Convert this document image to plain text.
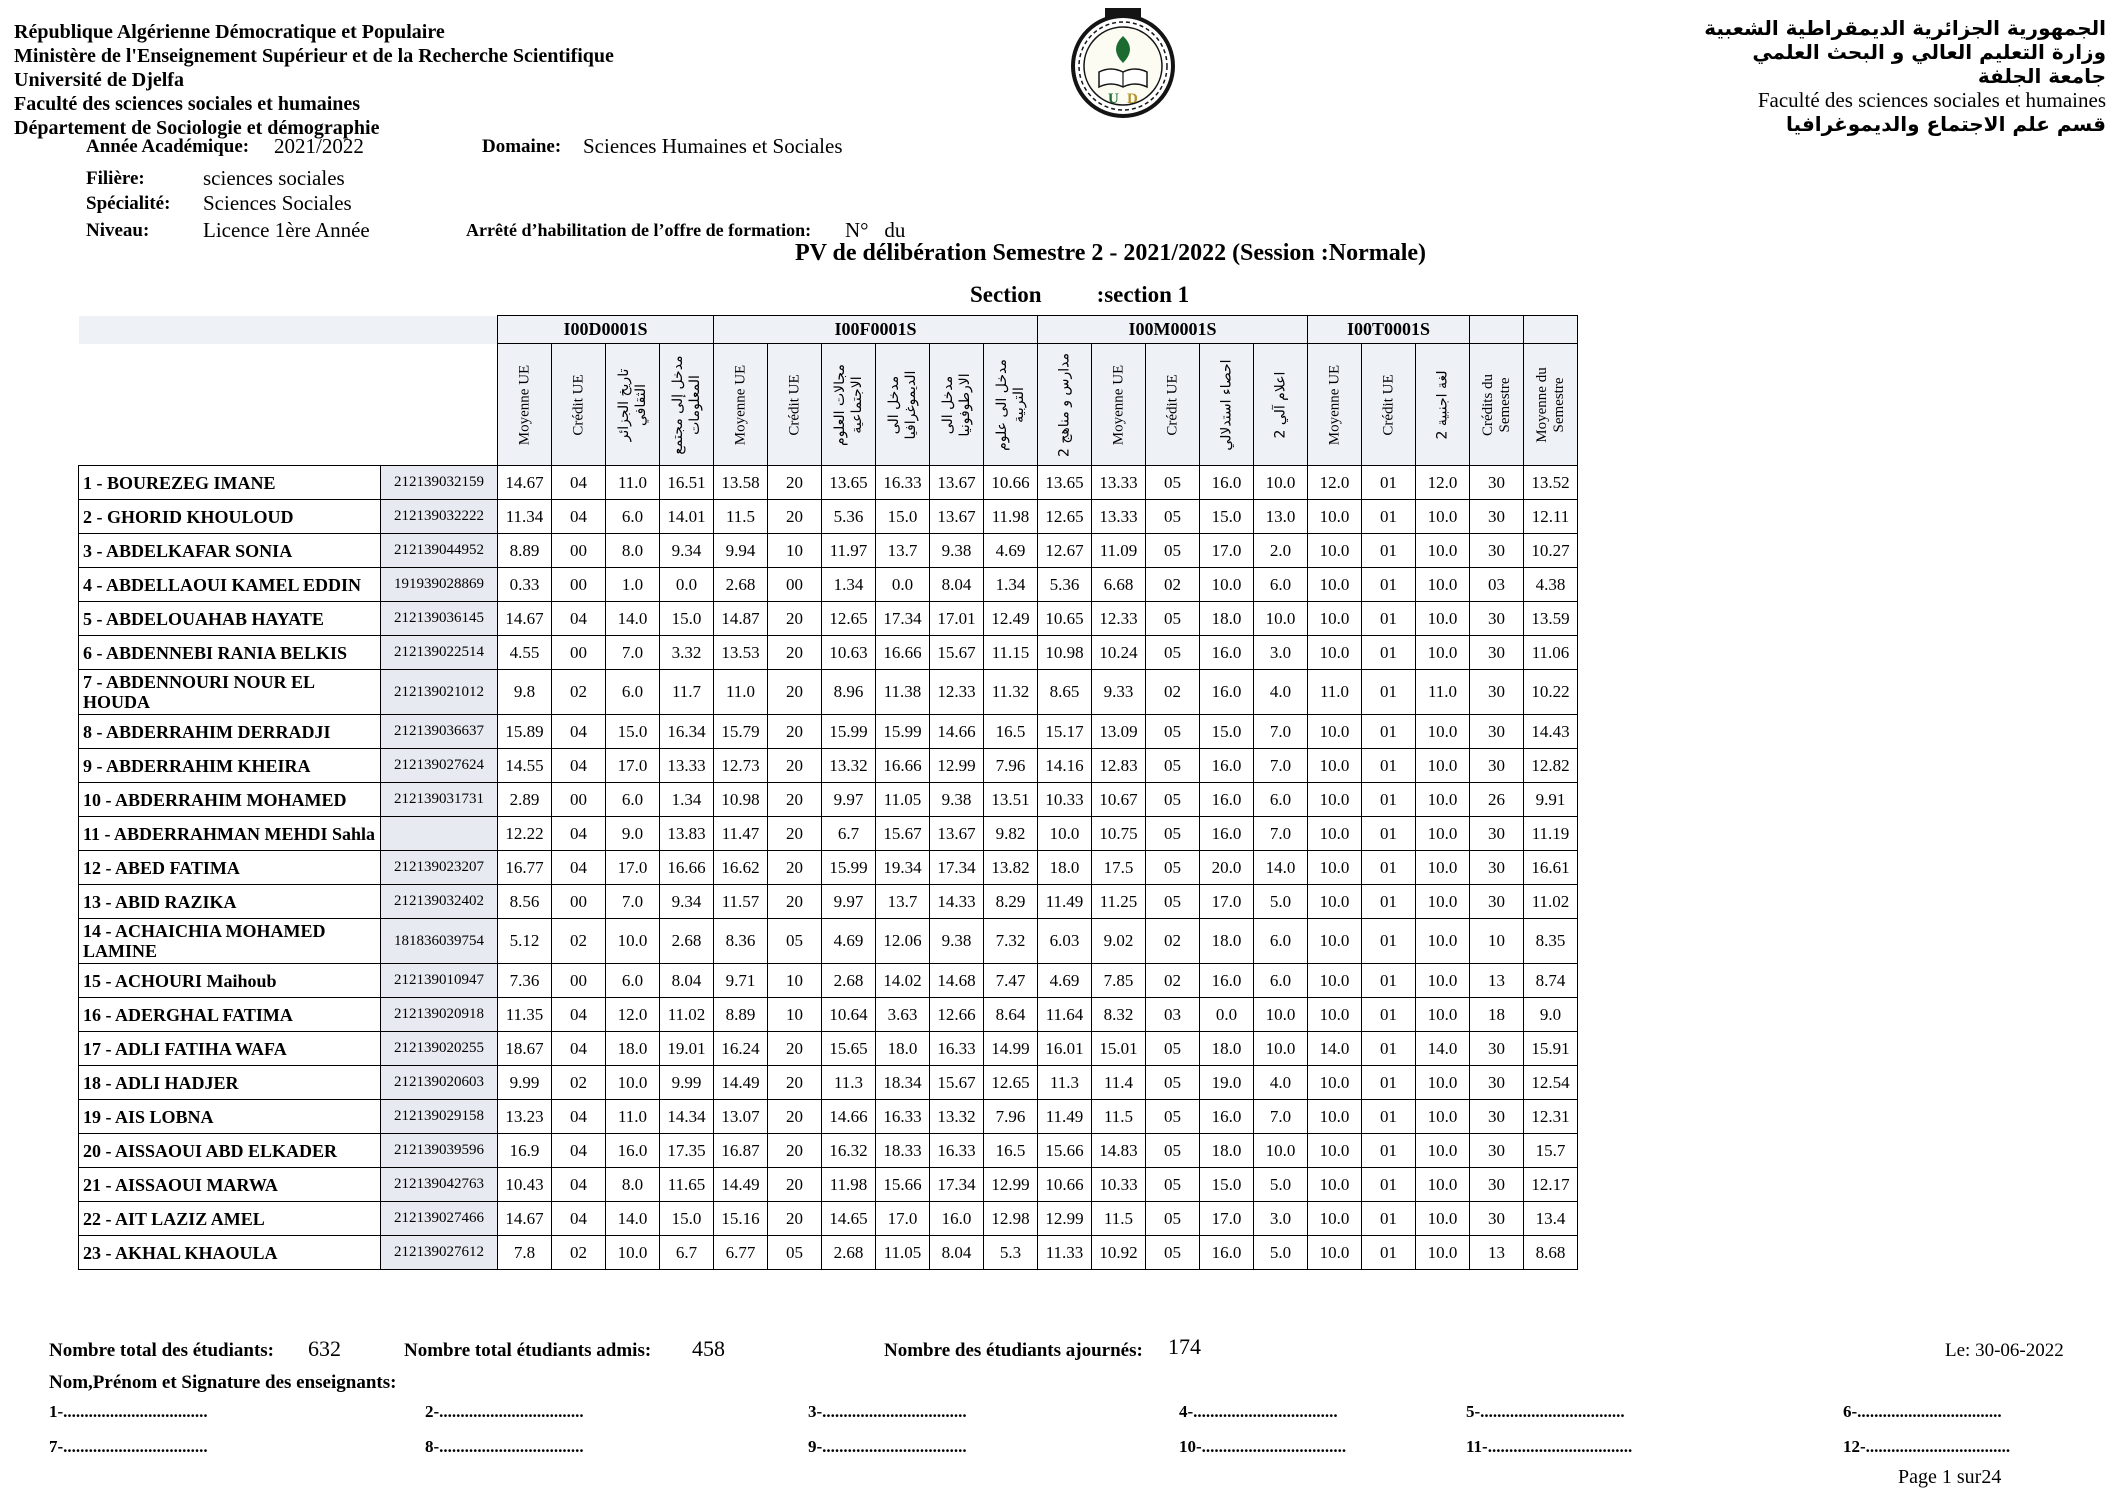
République Algérienne Démocratique et Populaire
Ministère de l'Enseignement Supérieur et de la Recherche Scientifique
Université de Djelfa
Faculté des sciences sociales et humaines
Département de Sociologie et démographie
U D
الجمهورية الجزائرية الديمقراطية الشعبية
وزارة التعليم العالي و البحث العلمي
جامعة الجلفة
Faculté des sciences sociales et humaines
قسم علم الاجتماع والديموغرافيا
Année Académique: 2021/2022	Domaine: Sciences Humaines et Sociales
Filière:	sciences sociales
Spécialité: Sciences Sociales
Niveau:	Licence 1ère Année	Arrêté d’habilitation de l’offre de formation: N°   du
PV de délibération Semestre 2 - 2021/2022 (Session :Normale)
Section :section 1
		I00D0001S				I00F0001S						I00M0001S					I00T0001S				

		Moyenne UE	Crédit UE	تاريخ الجزائر الثقافي	مدخل إلى مجتمع المعلومات	Moyenne UE	Crédit UE	مجالات العلوم الاجتماعية	مدخل الى الديموغرافيا	مدخل الى الارطوفونيا	مدخل الى علوم التربية	مدارس و مناهج 2	Moyenne UE	Crédit UE	احصاء استدلالي	اعلام آلي 2	Moyenne UE	Crédit UE	لغة اجنبية 2	Crédits du Semestre	Moyenne du Semestre

1 - BOUREZEG IMANE	212139032159	14.67	04	11.0	16.51	13.58	20	13.65	16.33	13.67	10.66	13.65	13.33	05	16.0	10.0	12.0	01	12.0	30	13.52
2 - GHORID KHOULOUD	212139032222	11.34	04	6.0	14.01	11.5	20	5.36	15.0	13.67	11.98	12.65	13.33	05	15.0	13.0	10.0	01	10.0	30	12.11
3 - ABDELKAFAR SONIA	212139044952	8.89	00	8.0	9.34	9.94	10	11.97	13.7	9.38	4.69	12.67	11.09	05	17.0	2.0	10.0	01	10.0	30	10.27
4 - ABDELLAOUI KAMEL EDDIN	191939028869	0.33	00	1.0	0.0	2.68	00	1.34	0.0	8.04	1.34	5.36	6.68	02	10.0	6.0	10.0	01	10.0	03	4.38
5 - ABDELOUAHAB HAYATE	212139036145	14.67	04	14.0	15.0	14.87	20	12.65	17.34	17.01	12.49	10.65	12.33	05	18.0	10.0	10.0	01	10.0	30	13.59
6 - ABDENNEBI RANIA BELKIS	212139022514	4.55	00	7.0	3.32	13.53	20	10.63	16.66	15.67	11.15	10.98	10.24	05	16.0	3.0	10.0	01	10.0	30	11.06
7 - ABDENNOURI NOUR EL HOUDA	212139021012	9.8	02	6.0	11.7	11.0	20	8.96	11.38	12.33	11.32	8.65	9.33	02	16.0	4.0	11.0	01	11.0	30	10.22
8 - ABDERRAHIM DERRADJI	212139036637	15.89	04	15.0	16.34	15.79	20	15.99	15.99	14.66	16.5	15.17	13.09	05	15.0	7.0	10.0	01	10.0	30	14.43
9 - ABDERRAHIM KHEIRA	212139027624	14.55	04	17.0	13.33	12.73	20	13.32	16.66	12.99	7.96	14.16	12.83	05	16.0	7.0	10.0	01	10.0	30	12.82
10 - ABDERRAHIM MOHAMED	212139031731	2.89	00	6.0	1.34	10.98	20	9.97	11.05	9.38	13.51	10.33	10.67	05	16.0	6.0	10.0	01	10.0	26	9.91
11 - ABDERRAHMAN MEHDI Sahla		12.22	04	9.0	13.83	11.47	20	6.7	15.67	13.67	9.82	10.0	10.75	05	16.0	7.0	10.0	01	10.0	30	11.19
12 - ABED FATIMA	212139023207	16.77	04	17.0	16.66	16.62	20	15.99	19.34	17.34	13.82	18.0	17.5	05	20.0	14.0	10.0	01	10.0	30	16.61
13 - ABID RAZIKA	212139032402	8.56	00	7.0	9.34	11.57	20	9.97	13.7	14.33	8.29	11.49	11.25	05	17.0	5.0	10.0	01	10.0	30	11.02
14 - ACHAICHIA MOHAMED LAMINE	181836039754	5.12	02	10.0	2.68	8.36	05	4.69	12.06	9.38	7.32	6.03	9.02	02	18.0	6.0	10.0	01	10.0	10	8.35
15 - ACHOURI Maihoub	212139010947	7.36	00	6.0	8.04	9.71	10	2.68	14.02	14.68	7.47	4.69	7.85	02	16.0	6.0	10.0	01	10.0	13	8.74
16 - ADERGHAL FATIMA	212139020918	11.35	04	12.0	11.02	8.89	10	10.64	3.63	12.66	8.64	11.64	8.32	03	0.0	10.0	10.0	01	10.0	18	9.0
17 - ADLI FATIHA WAFA	212139020255	18.67	04	18.0	19.01	16.24	20	15.65	18.0	16.33	14.99	16.01	15.01	05	18.0	10.0	14.0	01	14.0	30	15.91
18 - ADLI HADJER	212139020603	9.99	02	10.0	9.99	14.49	20	11.3	18.34	15.67	12.65	11.3	11.4	05	19.0	4.0	10.0	01	10.0	30	12.54
19 - AIS LOBNA	212139029158	13.23	04	11.0	14.34	13.07	20	14.66	16.33	13.32	7.96	11.49	11.5	05	16.0	7.0	10.0	01	10.0	30	12.31
20 - AISSAOUI ABD ELKADER	212139039596	16.9	04	16.0	17.35	16.87	20	16.32	18.33	16.33	16.5	15.66	14.83	05	18.0	10.0	10.0	01	10.0	30	15.7
21 - AISSAOUI MARWA	212139042763	10.43	04	8.0	11.65	14.49	20	11.98	15.66	17.34	12.99	10.66	10.33	05	15.0	5.0	10.0	01	10.0	30	12.17
22 - AIT LAZIZ AMEL	212139027466	14.67	04	14.0	15.0	15.16	20	14.65	17.0	16.0	12.98	12.99	11.5	05	17.0	3.0	10.0	01	10.0	30	13.4
23 - AKHAL KHAOULA	212139027612	7.8	02	10.0	6.7	6.77	05	2.68	11.05	8.04	5.3	11.33	10.92	05	16.0	5.0	10.0	01	10.0	13	8.68
Nombre total des étudiants: 632	Nombre total étudiants admis: 458	Nombre des étudiants ajournés: 174	Le: 30-06-2022
Nom,Prénom et Signature des enseignants:
1-..................................	2-..................................	3-..................................	4-..................................	5-..................................	6-..................................
7-..................................	8-..................................	9-..................................	10-..................................	11-..................................	12-..................................
Page 1 sur24
